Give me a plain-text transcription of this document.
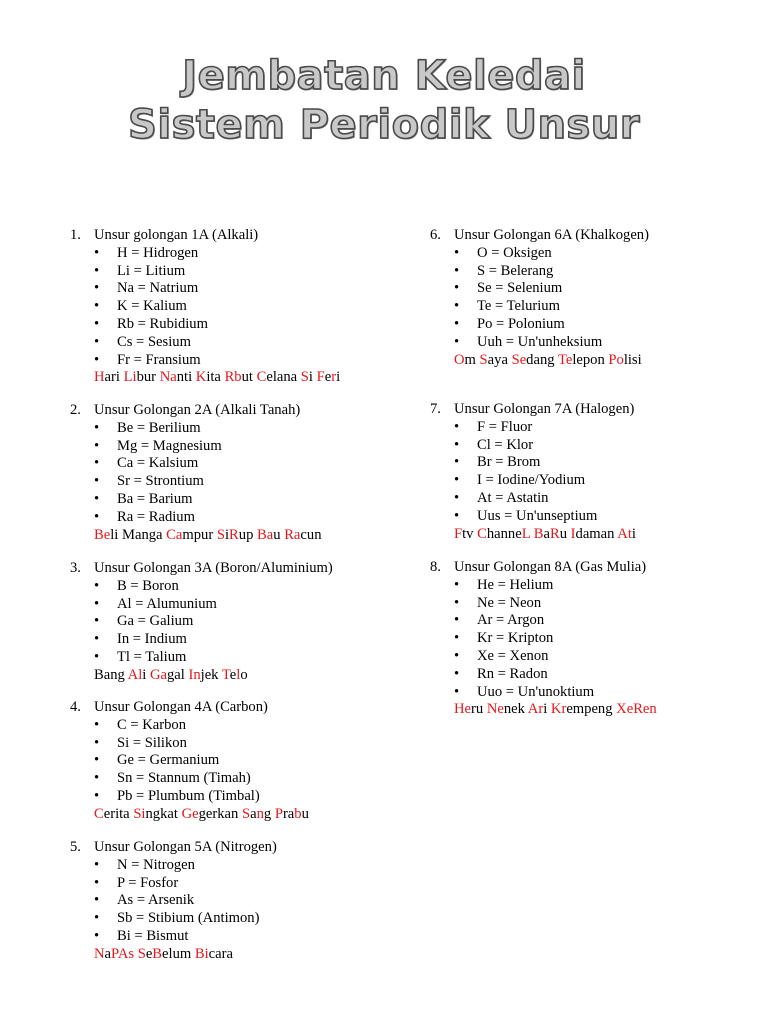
Jembatan Keledai
Sistem Periodik Unsur
1. Unsur golongan 1A (Alkali)
• H = Hidrogen
• Li = Litium
• Na = Natrium
• K = Kalium
• Rb = Rubidium
• Cs = Sesium
• Fr = Fransium
Hari Libur Nanti Kita Rbut Celana Si Feri
2. Unsur Golongan 2A (Alkali Tanah)
• Be = Berilium
• Mg = Magnesium
• Ca = Kalsium
• Sr = Strontium
• Ba = Barium
• Ra = Radium
Beli Manga Campur SiRup Bau Racun
3. Unsur Golongan 3A (Boron/Aluminium)
• B = Boron
• Al = Alumunium
• Ga = Galium
• In = Indium
• Tl = Talium
Bang Ali Gagal Injek Telo
4. Unsur Golongan 4A (Carbon)
• C = Karbon
• Si = Silikon
• Ge = Germanium
• Sn = Stannum (Timah)
• Pb = Plumbum (Timbal)
Cerita Singkat Gegerkan Sang Prabu
5. Unsur Golongan 5A (Nitrogen)
• N = Nitrogen
• P = Fosfor
• As = Arsenik
• Sb = Stibium (Antimon)
• Bi = Bismut
NaPAs SeBelum Bicara
6. Unsur Golongan 6A (Khalkogen)
• O = Oksigen
• S = Belerang
• Se = Selenium
• Te = Telurium
• Po = Polonium
• Uuh = Un'unheksium
Om Saya Sedang Telepon Polisi
7. Unsur Golongan 7A (Halogen)
• F = Fluor
• Cl = Klor
• Br = Brom
• I = Iodine/Yodium
• At = Astatin
• Uus = Un'unseptium
Ftv ChanneL BaRu Idaman Ati
8. Unsur Golongan 8A (Gas Mulia)
• He = Helium
• Ne = Neon
• Ar = Argon
• Kr = Kripton
• Xe = Xenon
• Rn = Radon
• Uuo = Un'unoktium
Heru Nenek Ari Krempeng XeRen
